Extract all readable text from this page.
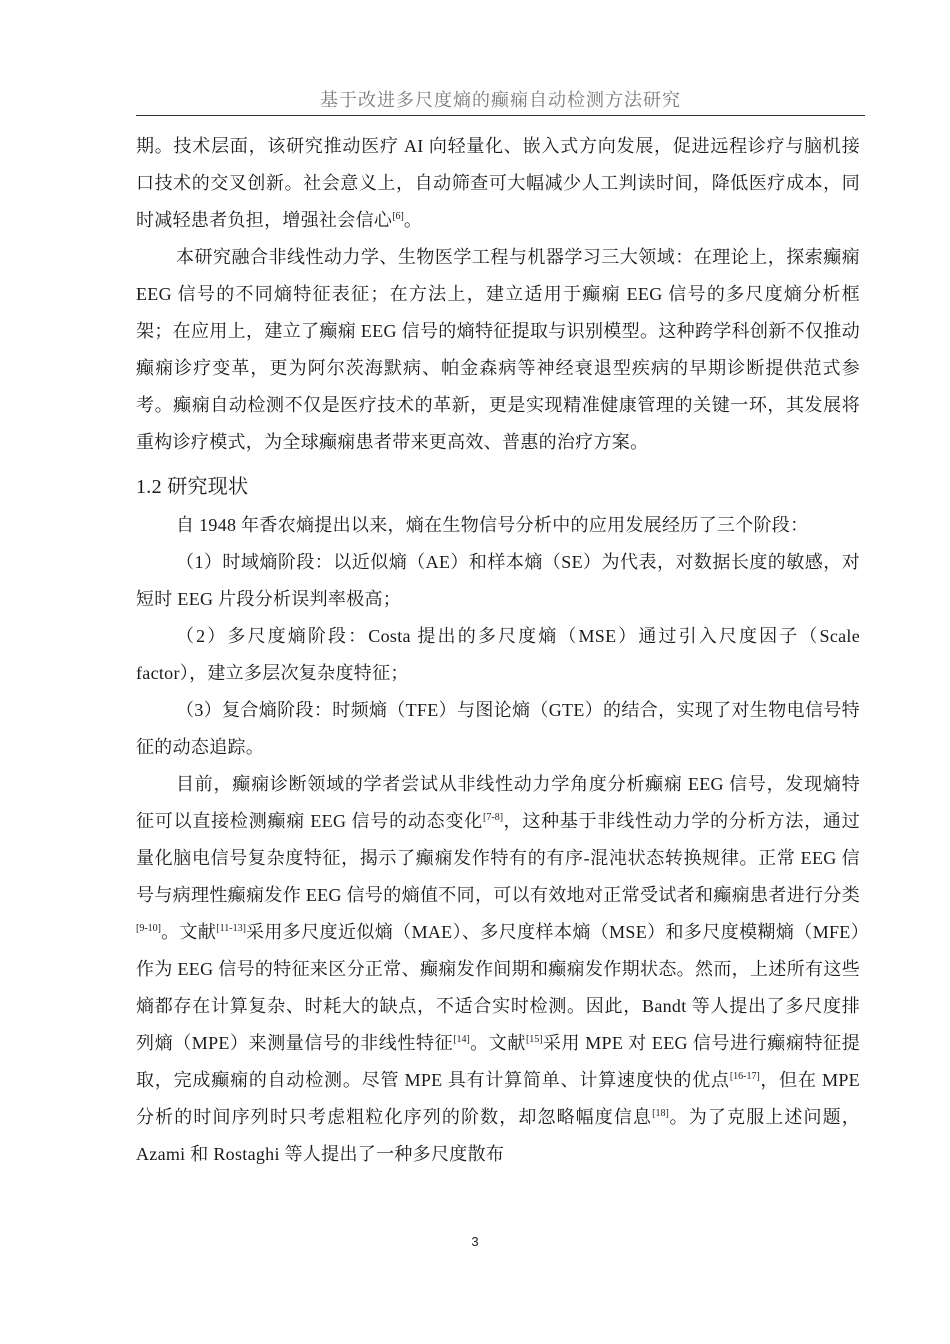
基于改进多尺度熵的癫痫自动检测方法研究

期。技术层面，该研究推动医疗 AI 向轻量化、嵌入式方向发展，促进远程诊疗与脑机接口技术的交叉创新。社会意义上，自动筛查可大幅减少人工判读时间，降低医疗成本，同时减轻患者负担，增强社会信心[6]。

本研究融合非线性动力学、生物医学工程与机器学习三大领域：在理论上，探索癫痫 EEG 信号的不同熵特征表征；在方法上，建立适用于癫痫 EEG 信号的多尺度熵分析框架；在应用上，建立了癫痫 EEG 信号的熵特征提取与识别模型。这种跨学科创新不仅推动癫痫诊疗变革，更为阿尔茨海默病、帕金森病等神经衰退型疾病的早期诊断提供范式参考。癫痫自动检测不仅是医疗技术的革新，更是实现精准健康管理的关键一环，其发展将重构诊疗模式，为全球癫痫患者带来更高效、普惠的治疗方案。

1.2 研究现状

自 1948 年香农熵提出以来，熵在生物信号分析中的应用发展经历了三个阶段：

（1）时域熵阶段：以近似熵（AE）和样本熵（SE）为代表，对数据长度的敏感，对短时 EEG 片段分析误判率极高；

（2）多尺度熵阶段：Costa 提出的多尺度熵（MSE）通过引入尺度因子（Scale factor），建立多层次复杂度特征；

（3）复合熵阶段：时频熵（TFE）与图论熵（GTE）的结合，实现了对生物电信号特征的动态追踪。

目前，癫痫诊断领域的学者尝试从非线性动力学角度分析癫痫 EEG 信号，发现熵特征可以直接检测癫痫 EEG 信号的动态变化[7-8]，这种基于非线性动力学的分析方法，通过量化脑电信号复杂度特征，揭示了癫痫发作特有的有序-混沌状态转换规律。正常 EEG 信号与病理性癫痫发作 EEG 信号的熵值不同，可以有效地对正常受试者和癫痫患者进行分类[9-10]。文献[11-13]采用多尺度近似熵（MAE）、多尺度样本熵（MSE）和多尺度模糊熵（MFE）作为 EEG 信号的特征来区分正常、癫痫发作间期和癫痫发作期状态。然而，上述所有这些熵都存在计算复杂、时耗大的缺点，不适合实时检测。因此，Bandt 等人提出了多尺度排列熵（MPE）来测量信号的非线性特征[14]。文献[15]采用 MPE 对 EEG 信号进行癫痫特征提取，完成癫痫的自动检测。尽管 MPE 具有计算简单、计算速度快的优点[16-17]，但在 MPE 分析的时间序列时只考虑粗粒化序列的阶数，却忽略幅度信息[18]。为了克服上述问题，Azami 和 Rostaghi 等人提出了一种多尺度散布

3
